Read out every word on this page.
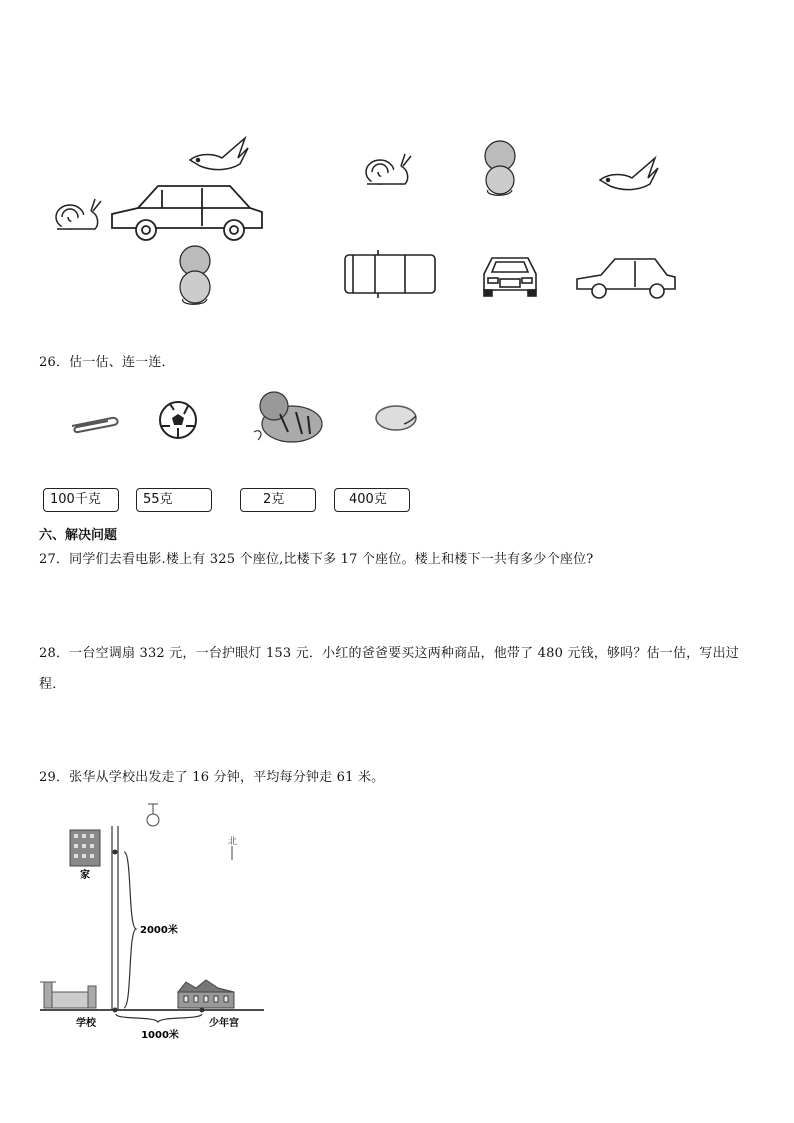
26．估一估、连一连．
100千克	55克	2克	400克
六、解决问题
27．同学们去看电影.楼上有 325 个座位,比楼下多 17 个座位。楼上和楼下一共有多少个座位?
28．一台空调扇 332 元，一台护眼灯 153 元．小红的爸爸要买这两种商品，他带了 480 元钱，够吗？估一估，写出过
程．
29．张华从学校出发走了 16 分钟，平均每分钟走 61 米。
北
家
2000米
学校	少年宫
1000米
